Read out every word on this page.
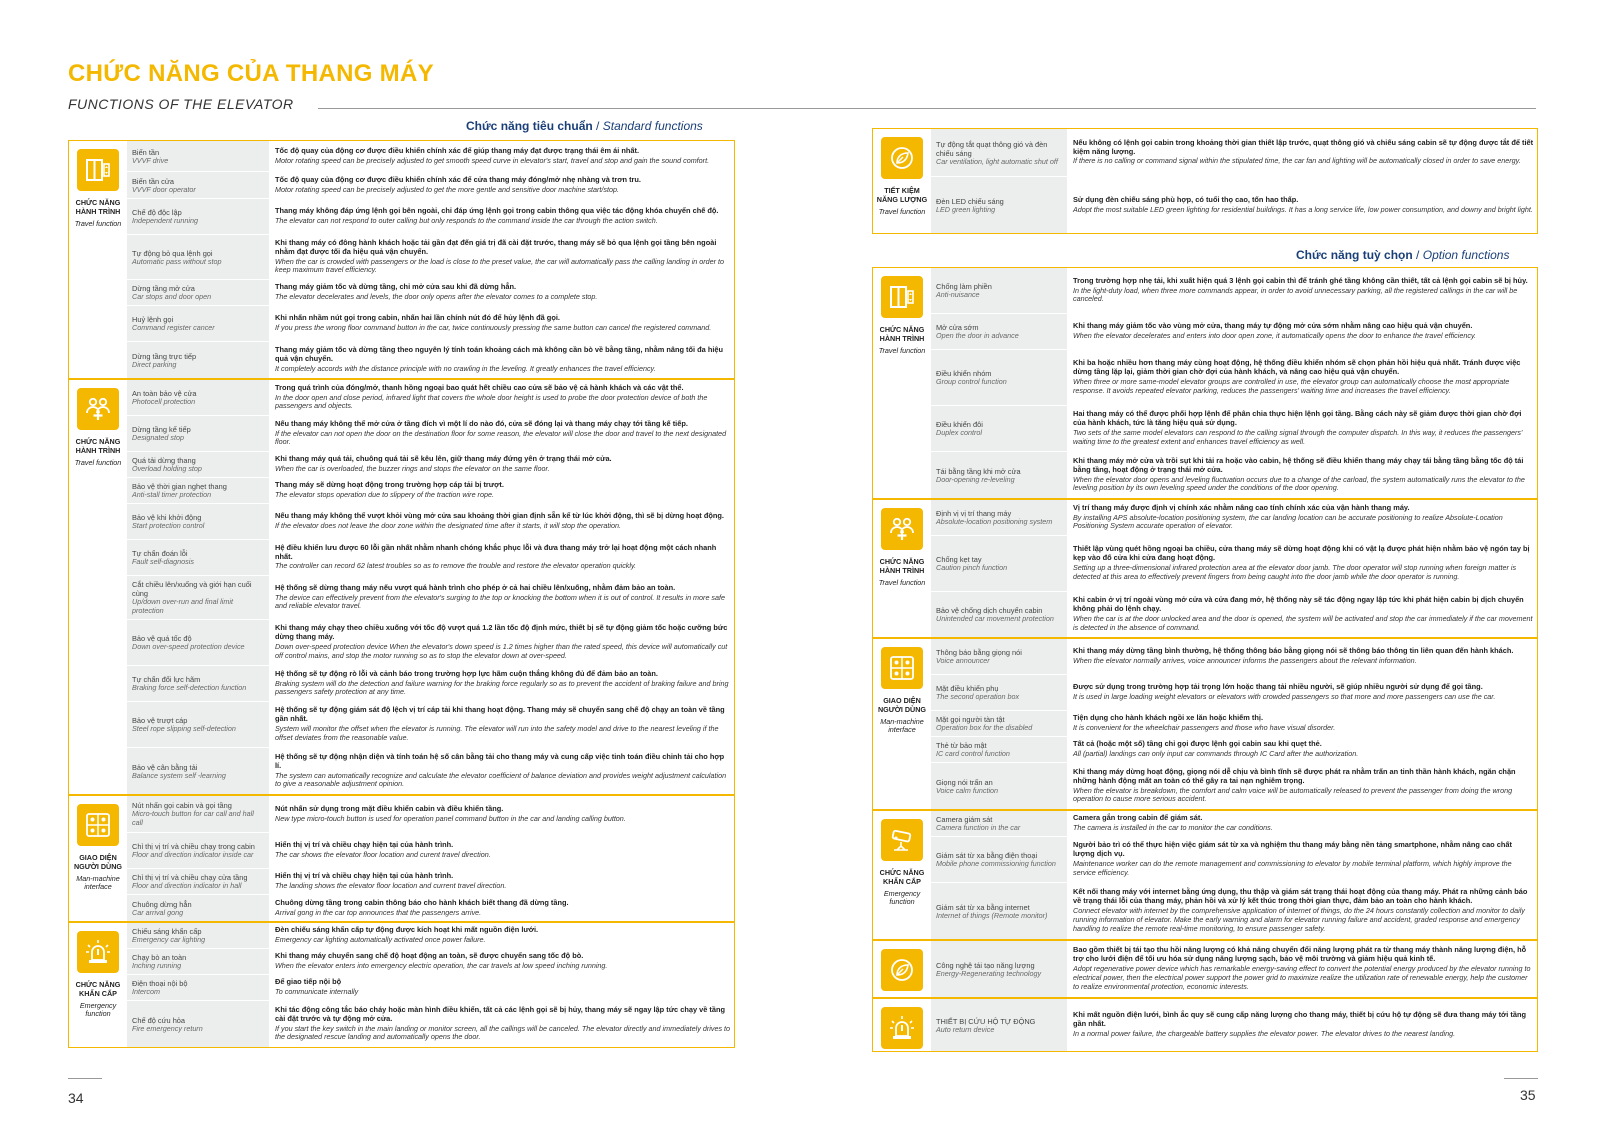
CHỨC NĂNG CỦA THANG MÁY
FUNCTIONS OF THE ELEVATOR
Chức năng tiêu chuẩn / Standard functions
CHỨC NĂNG HÀNH TRÌNH
Travel function
Biến tần
VVVF drive
Tốc độ quay của động cơ được điều khiển chính xác để giúp thang máy đạt được trạng thái êm ái nhất.
Motor rotating speed can be precisely adjusted to get smooth speed curve in elevator's start, travel and stop and gain the sound comfort.
Biến tần cửa
VVVF door operator
Tốc độ quay của động cơ được điều khiển chính xác để cửa thang máy đóng/mở nhẹ nhàng và trơn tru.
Motor rotating speed can be precisely adjusted to get the more gentle and sensitive door machine start/stop.
Chế độ độc lập
Independent running
Thang máy không đáp ứng lệnh gọi bên ngoài, chỉ đáp ứng lệnh gọi trong cabin thông qua việc tác động khóa chuyển chế độ.
The elevator can not respond to outer calling but only responds to the command inside the car through the action switch.
Tự động bỏ qua lệnh gọi
Automatic pass without stop
Khi thang máy có đông hành khách hoặc tải gần đạt đến giá trị đã cài đặt trước, thang máy sẽ bỏ qua lệnh gọi tầng bên ngoài nhằm đạt được tối đa hiệu quả vận chuyển.
When the car is crowded with passengers or the load is close to the preset value, the car will automatically pass the calling landing in order to keep maximum travel efficiency.
Dừng tầng mở cửa
Car stops and door open
Thang máy giảm tốc và dừng tầng, chỉ mở cửa sau khi đã dừng hẳn.
The elevator decelerates and levels, the door only opens after the elevator comes to a complete stop.
Huỷ lệnh gọi
Command register cancer
Khi nhấn nhầm nút gọi trong cabin, nhấn hai lần chính nút đó để hủy lệnh đã gọi.
If you press the wrong floor command button in the car, twice continuously pressing the same button can cancel the registered command.
Dừng tầng trực tiếp
Direct parking
Thang máy giảm tốc và dừng tầng theo nguyên lý tính toán khoảng cách mà không cần bò về bằng tầng, nhằm nâng tối đa hiệu quả vận chuyển.
It completely accords with the distance principle with no crawling in the leveling. It greatly enhances the travel efficiency.
CHỨC NĂNG HÀNH TRÌNH
Travel function
An toàn bảo vệ cửa
Photocell protection
Trong quá trình của đóng/mở, thanh hồng ngoại bao quát hết chiều cao cửa sẽ bảo vệ cả hành khách và các vật thể.
In the door open and close period, infrared light that covers the whole door height is used to probe the door protection device of both the passengers and objects.
Dừng tầng kế tiếp
Designated stop
Nếu thang máy không thể mở cửa ở tầng đích vì một lí do nào đó, cửa sẽ đóng lại và thang máy chạy tới tầng kế tiếp.
If the elevator can not open the door on the destination floor for some reason, the elevator will close the door and travel to the next designated floor.
Quá tải dừng thang
Overload holding stop
Khi thang máy quá tải, chuông quá tải sẽ kêu lên, giữ thang máy đứng yên ở trạng thái mở cửa.
When the car is overloaded, the buzzer rings and stops the elevator on the same floor.
Bảo vệ thời gian nghẹt thang
Anti-stall timer protection
Thang máy sẽ dừng hoạt động trong trường hợp cáp tải bị trượt.
The elevator stops operation due to slippery of the traction wire rope.
Bảo vệ khi khởi động
Start protection control
Nếu thang máy không thể vượt khỏi vùng mở cửa sau khoảng thời gian định sẵn kể từ lúc khởi động, thì sẽ bị dừng hoạt động.
If the elevator does not leave the door zone within the designated time after it starts, it will stop the operation.
Tự chẩn đoán lỗi
Fault self-diagnosis
Hệ điều khiển lưu được 60 lỗi gần nhất nhằm nhanh chóng khắc phục lỗi và đưa thang máy trở lại hoạt động một cách nhanh nhất.
The controller can record 62 latest troubles so as to remove the trouble and restore the elevator operation quickly.
Cắt chiều lên/xuống và giới hạn cuối cùng
Up/down over-run and final limit protection
Hệ thống sẽ dừng thang máy nếu vượt quá hành trình cho phép ở cả hai chiều lên/xuống, nhằm đảm bảo an toàn.
The device can effectively prevent from the elevator's surging to the top or knocking the bottom when it is out of control. It results in more safe and reliable elevator travel.
Bảo vệ quá tốc độ
Down over-speed protection device
Khi thang máy chạy theo chiều xuống với tốc độ vượt quá 1.2 lần tốc độ định mức, thiết bị sẽ tự động giảm tốc hoặc cưỡng bức dừng thang máy.
Down over-speed protection device When the elevator's down speed is 1.2 times higher than the rated speed, this device will automatically cut off control mains, and stop the motor running so as to stop the elevator down at over-speed.
Tự chẩn đổi lực hãm
Braking force self-detection function
Hệ thống sẽ tự động rò lỗi và cảnh báo trong trường hợp lực hãm cuộn thắng không đủ để đảm bảo an toàn.
Braking system will do the detection and failure warning for the braking force regularly so as to prevent the accident of braking failure and bring passengers safety protection at any time.
Bảo vệ trượt cáp
Steel rope slipping self-detection
Hệ thống sẽ tự động giám sát độ lệch vị trí cáp tải khi thang hoạt động. Thang máy sẽ chuyển sang chế độ chạy an toàn về tầng gần nhất.
System will monitor the offset when the elevator is running. The elevator will run into the safety model and drive to the nearest leveling if the offset deviates from the reasonable value.
Bảo vệ cân bằng tải
Balance system self -learning
Hệ thống sẽ tự động nhận diện và tính toán hệ số cân bằng tải cho thang máy và cung cấp việc tinh toán điều chỉnh tải cho hợp lí.
The system can automatically recognize and calculate the elevator coefficient of balance deviation and provides weight adjustment calculation to give a reasonable adjustment opinion.
GIAO DIỆN NGƯỜI DÙNG
Man-machine interface
Nút nhấn gọi cabin và gọi tầng
Micro-touch button for car call and hall call
Nút nhấn sử dụng trong mặt điều khiển cabin và điều khiển tầng.
New type micro-touch button is used for operation panel command button in the car and landing calling button.
Chỉ thị vị trí và chiều chạy trong cabin
Floor and direction indicator inside car
Hiển thị vị trí và chiều chạy hiện tại của hành trình.
The car shows the elevator floor location and curent travel direction.
Chỉ thị vị trí và chiều chạy cửa tầng
Floor and direction indicator in hall
Hiển thị vị trí và chiều chạy hiện tại của hành trình.
The landing shows the elevator floor location and current travel direction.
Chuông dừng hẳn
Car arrival gong
Chuông dừng tầng trong cabin thông báo cho hành khách biết thang đã dừng tầng.
Arrival gong in the car top announces that the passengers arrive.
CHỨC NĂNG KHẨN CẤP
Emergency function
Chiếu sáng khẩn cấp
Emergency car lighting
Đèn chiếu sáng khẩn cấp tự động được kích hoạt khi mất nguồn điện lưới.
Emergency car lighting automatically activated once power failure.
Chạy bò an toàn
Inching running
Khi thang máy chuyển sang chế độ hoạt động an toàn, sẽ được chuyển sang tốc độ bò.
When the elevator enters into emergency electric operation, the car travels at low speed inching running.
Điện thoại nội bộ
Intercom
Để giao tiếp nội bộ
To communicate internally
Chế độ cứu hỏa
Fire emergency return
Khi tác động công tắc báo cháy hoặc màn hình điều khiển, tất cả các lệnh gọi sẽ bị hủy, thang máy sẽ ngay lập tức chạy về tầng cài đặt trước và tự động mở cửa.
If you start the key switch in the main landing or monitor screen, all the callings will be canceled. The elevator directly and immediately drives to the designated rescue landing and automatically opens the door.
TIẾT KIỆM NĂNG LƯỢNG
Travel function
Tự động tắt quạt thông gió và đèn chiếu sáng
Car ventilation, light automatic shut off
Nếu không có lệnh gọi cabin trong khoảng thời gian thiết lập trước, quạt thông gió và chiếu sáng cabin sẽ tự động được tắt để tiết kiệm năng lượng.
If there is no calling or command signal within the stipulated time, the car fan and lighting will be automatically closed in order to save energy.
Đèn LED chiếu sáng
LED green lighting
Sử dụng đèn chiếu sáng phù hợp, có tuổi thọ cao, tốn hao thấp.
Adopt the most suitable LED green lighting for residential buildings. It has a long service life, low power consumption, and downy and bright light.
Chức năng tuỳ chọn / Option functions
CHỨC NĂNG HÀNH TRÌNH
Travel function
Chống làm phiền
Anti-nuisance
Trong trường hợp nhẹ tải, khi xuất hiện quá 3 lệnh gọi cabin thì để tránh ghé tầng không cần thiết, tất cả lệnh gọi cabin sẽ bị hủy.
In the light-duty load, when three more commands appear, in order to avoid unnecessary parking, all the registered callings in the car will be canceled.
Mở cửa sớm
Open the door in advance
Khi thang máy giảm tốc vào vùng mở cửa, thang máy tự động mở cửa sớm nhằm nâng cao hiệu quả vận chuyển.
When the elevator decelerates and enters into door open zone, it automatically opens the door to enhance the travel efficiency.
Điều khiển nhóm
Group control function
Khi ba hoặc nhiều hơn thang máy cùng hoạt động, hệ thống điều khiển nhóm sẽ chọn phản hồi hiệu quả nhất. Tránh được việc dừng tầng lặp lại, giảm thời gian chờ đợi của hành khách, và nâng cao hiệu quả vận chuyển.
When three or more same-model elevator groups are controlled in use, the elevator group can automatically choose the most appropriate response. It avoids repeated elevator parking, reduces the passengers' waiting time and increases the travel efficiency.
Điều khiển đôi
Duplex control
Hai thang máy có thể được phối hợp lệnh để phân chia thực hiện lệnh gọi tầng. Bằng cách này sẽ giảm được thời gian chờ đợi của hành khách, tức là tăng hiệu quả sử dụng.
Two sets of the same model elevators can respond to the calling signal through the computer dispatch. In this way, it reduces the passengers' waiting time to the greatest extent and enhances travel efficiency as well.
Tái bằng tầng khi mở cửa
Door-opening re-leveling
Khi thang máy mở cửa và trồi sụt khi tải ra hoặc vào cabin, hệ thống sẽ điều khiển thang máy chạy tái bằng tầng bằng tốc độ tái bằng tầng, hoạt động ở trạng thái mở cửa.
When the elevator door opens and leveling fluctuation occurs due to a change of the carload, the system automatically runs the elevator to the leveling position by its own leveling speed under the conditions of the door opening.
CHỨC NĂNG HÀNH TRÌNH
Travel function
Định vị vị trí thang máy
Absolute-location positioning system
Vị trí thang máy được định vị chính xác nhằm nâng cao tính chính xác của vận hành thang máy.
By installing APS absolute-location positioning system, the car landing location can be accurate positioning to realize Absolute-Location Positioning System accurate operation of elevator.
Chống kẹt tay
Caution pinch function
Thiết lập vùng quét hồng ngoại ba chiều, cửa thang máy sẽ dừng hoạt động khi có vật lạ được phát hiện nhằm bảo vệ ngón tay bị kẹp vào đố cửa khi cửa đang hoạt động.
Setting up a three-dimensional infrared protection area at the elevator door jamb. The door operator will stop running when foreign matter is detected at this area to effectively prevent fingers from being caught into the door jamb while the door operator is running.
Bảo vệ chống dịch chuyển cabin
Unintended car movement protection
Khi cabin ở vị trí ngoài vùng mở cửa và cửa đang mở, hệ thống này sẽ tác động ngay lập tức khi phát hiện cabin bị dịch chuyển không phải do lệnh chạy.
When the car is at the door unlocked area and the door is opened, the system will be activated and stop the car immediately if the car movement is detected in the absence of command.
GIAO DIỆN NGƯỜI DÙNG
Man-machine interface
Thông báo bằng giọng nói
Voice announcer
Khi thang máy dừng tầng bình thường, hệ thống thông báo bằng giọng nói sẽ thông báo thông tin liên quan đến hành khách.
When the elevator normally arrives, voice announcer informs the passengers about the relevant information.
Mặt điều khiển phụ
The second operation box
Được sử dụng trong trường hợp tải trọng lớn hoặc thang tải nhiều người, sẽ giúp nhiều người sử dụng để gọi tầng.
It is used in large loading weight elevators or elevators with crowded passengers so that more and more passengers can use the car.
Mặt gọi người tàn tật
Operation box for the disabled
Tiện dụng cho hành khách ngồi xe lăn hoặc khiếm thị.
It is convenient for the wheelchair passengers and those who have visual disorder.
Thẻ từ bảo mật
IC card control function
Tất cả (hoặc một số) tầng chỉ gọi được lệnh gọi cabin sau khi quẹt thẻ.
All (partial) landings can only input car commands through IC Card after the authorization.
Giọng nói trấn an
Voice calm function
Khi thang máy dừng hoạt động, giọng nói dễ chịu và bình tĩnh sẽ được phát ra nhằm trấn an tinh thần hành khách, ngăn chặn những hành động mất an toàn có thể gây ra tai nạn nghiêm trọng.
When the elevator is breakdown, the comfort and calm voice will be automatically released to prevent the passenger from doing the wrong operation to cause more serious accident.
CHỨC NĂNG KHẨN CẤP
Emergency function
Camera giám sát
Camera function in the car
Camera gắn trong cabin để giám sát.
The camera is installed in the car to monitor the car conditions.
Giám sát từ xa bằng điện thoại
Mobile phone commissioning function
Người bảo trì có thể thực hiện việc giám sát từ xa và nghiệm thu thang máy bằng nền tảng smartphone, nhằm nâng cao chất lượng dịch vụ.
Maintenance worker can do the remote management and commissioning to elevator by mobile terminal platform, which highly improve the service efficiency.
Giám sát từ xa bằng internet
Internet of things (Remote monitor)
Kết nối thang máy với internet bằng ứng dụng, thu thập và giám sát trạng thái hoạt động của thang máy. Phát ra những cảnh báo về trạng thái lỗi của thang máy, phản hồi và xử lý kết thúc trong thời gian thực, đảm bảo an toàn cho hành khách.
Connect elevator with internet by the comprehensive application of internet of things, do the 24 hours constantly collection and monitor to daily running information of elevator. Make the early warning and alarm for elevator running failure and accident, graded response and emergency handling to realize the remote real-time monitoring, to ensure passenger safety.
Công nghệ tái tạo năng lượng
Energy-Regenerating technology
Bao gồm thiết bị tái tạo thu hồi năng lượng có khả năng chuyển đổi năng lượng phát ra từ thang máy thành năng lượng điện, hỗ trợ cho lưới điện để tối ưu hóa sử dụng năng lượng sạch, bảo vệ môi trường và giảm hiệu quả kinh tế.
Adopt regenerative power device which has remarkable energy-saving effect to convert the potential energy produced by the elevator running to electrical power, then the electrical power support the power grid to maximize realize the utilization rate of renewable energy, help the customer to realize environmental protection, economic interests.
THIẾT BỊ CỨU HỘ TỰ ĐỘNG
Auto return device
Khi mất nguồn điện lưới, bình ắc quy sẽ cung cấp năng lượng cho thang máy, thiết bị cứu hộ tự động sẽ đưa thang máy tới tầng gần nhất.
In a normal power failure, the chargeable battery supplies the elevator power. The elevator drives to the nearest landing.
34	35
